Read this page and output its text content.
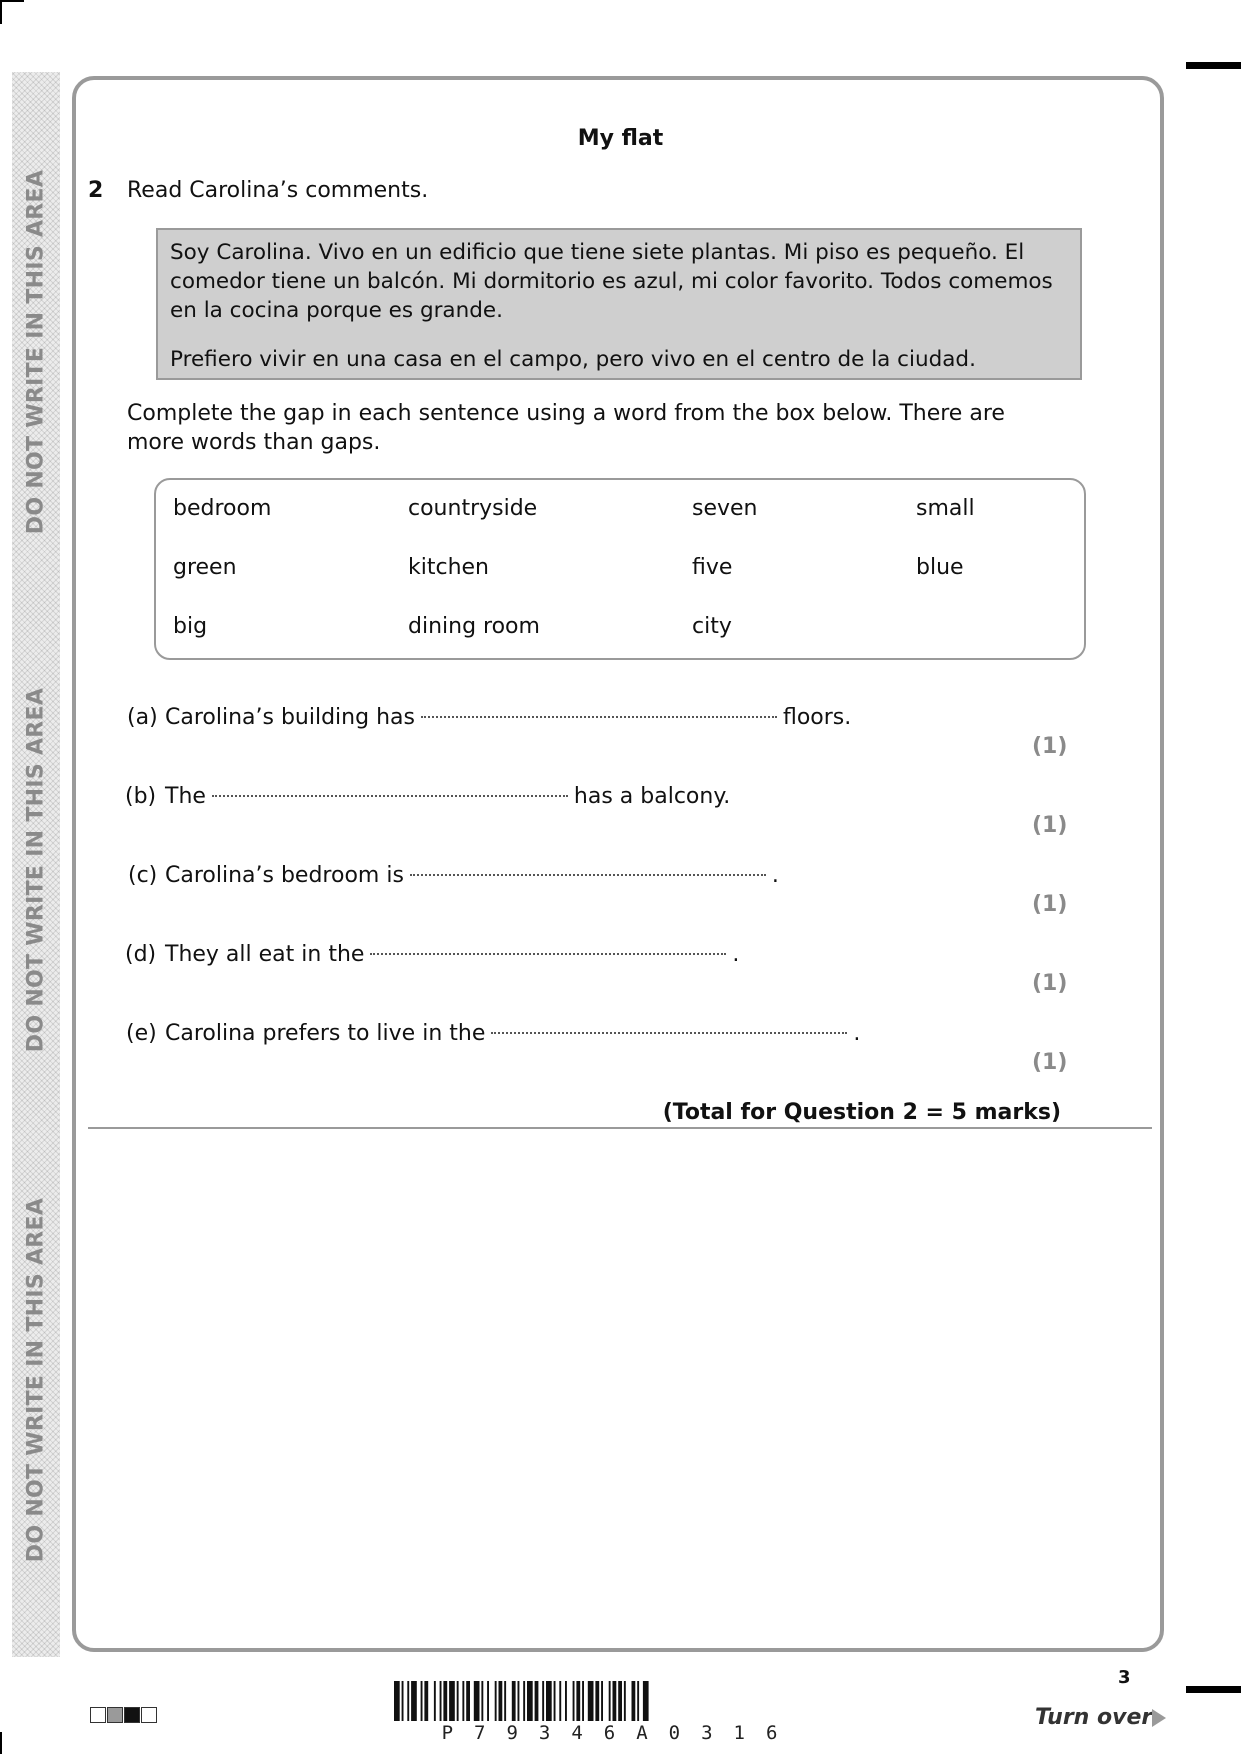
DO NOT WRITE IN THIS AREA
DO NOT WRITE IN THIS AREA
DO NOT WRITE IN THIS AREA
My flat
2 Read Carolina’s comments.

Soy Carolina. Vivo en un edificio que tiene siete plantas. Mi piso es pequeño. El comedor tiene un balcón. Mi dormitorio es azul, mi color favorito. Todos comemos en la cocina porque es grande.

Prefiero vivir en una casa en el campo, pero vivo en el centro de la ciudad.

Complete the gap in each sentence using a word from the box below. There are more words than gaps.
bedroom	countryside	seven	small
green	kitchen	five	blue
big	dining room	city
(a) Carolina’s building has	floors.
(1)
(b) The	has a balcony.
(1)
(c) Carolina’s bedroom is	.
(1)
(d) They all eat in the	.
(1)
(e) Carolina prefers to live in the	.
(1)
(Total for Question 2 = 5 marks)
P79346A0316
3
Turn over
